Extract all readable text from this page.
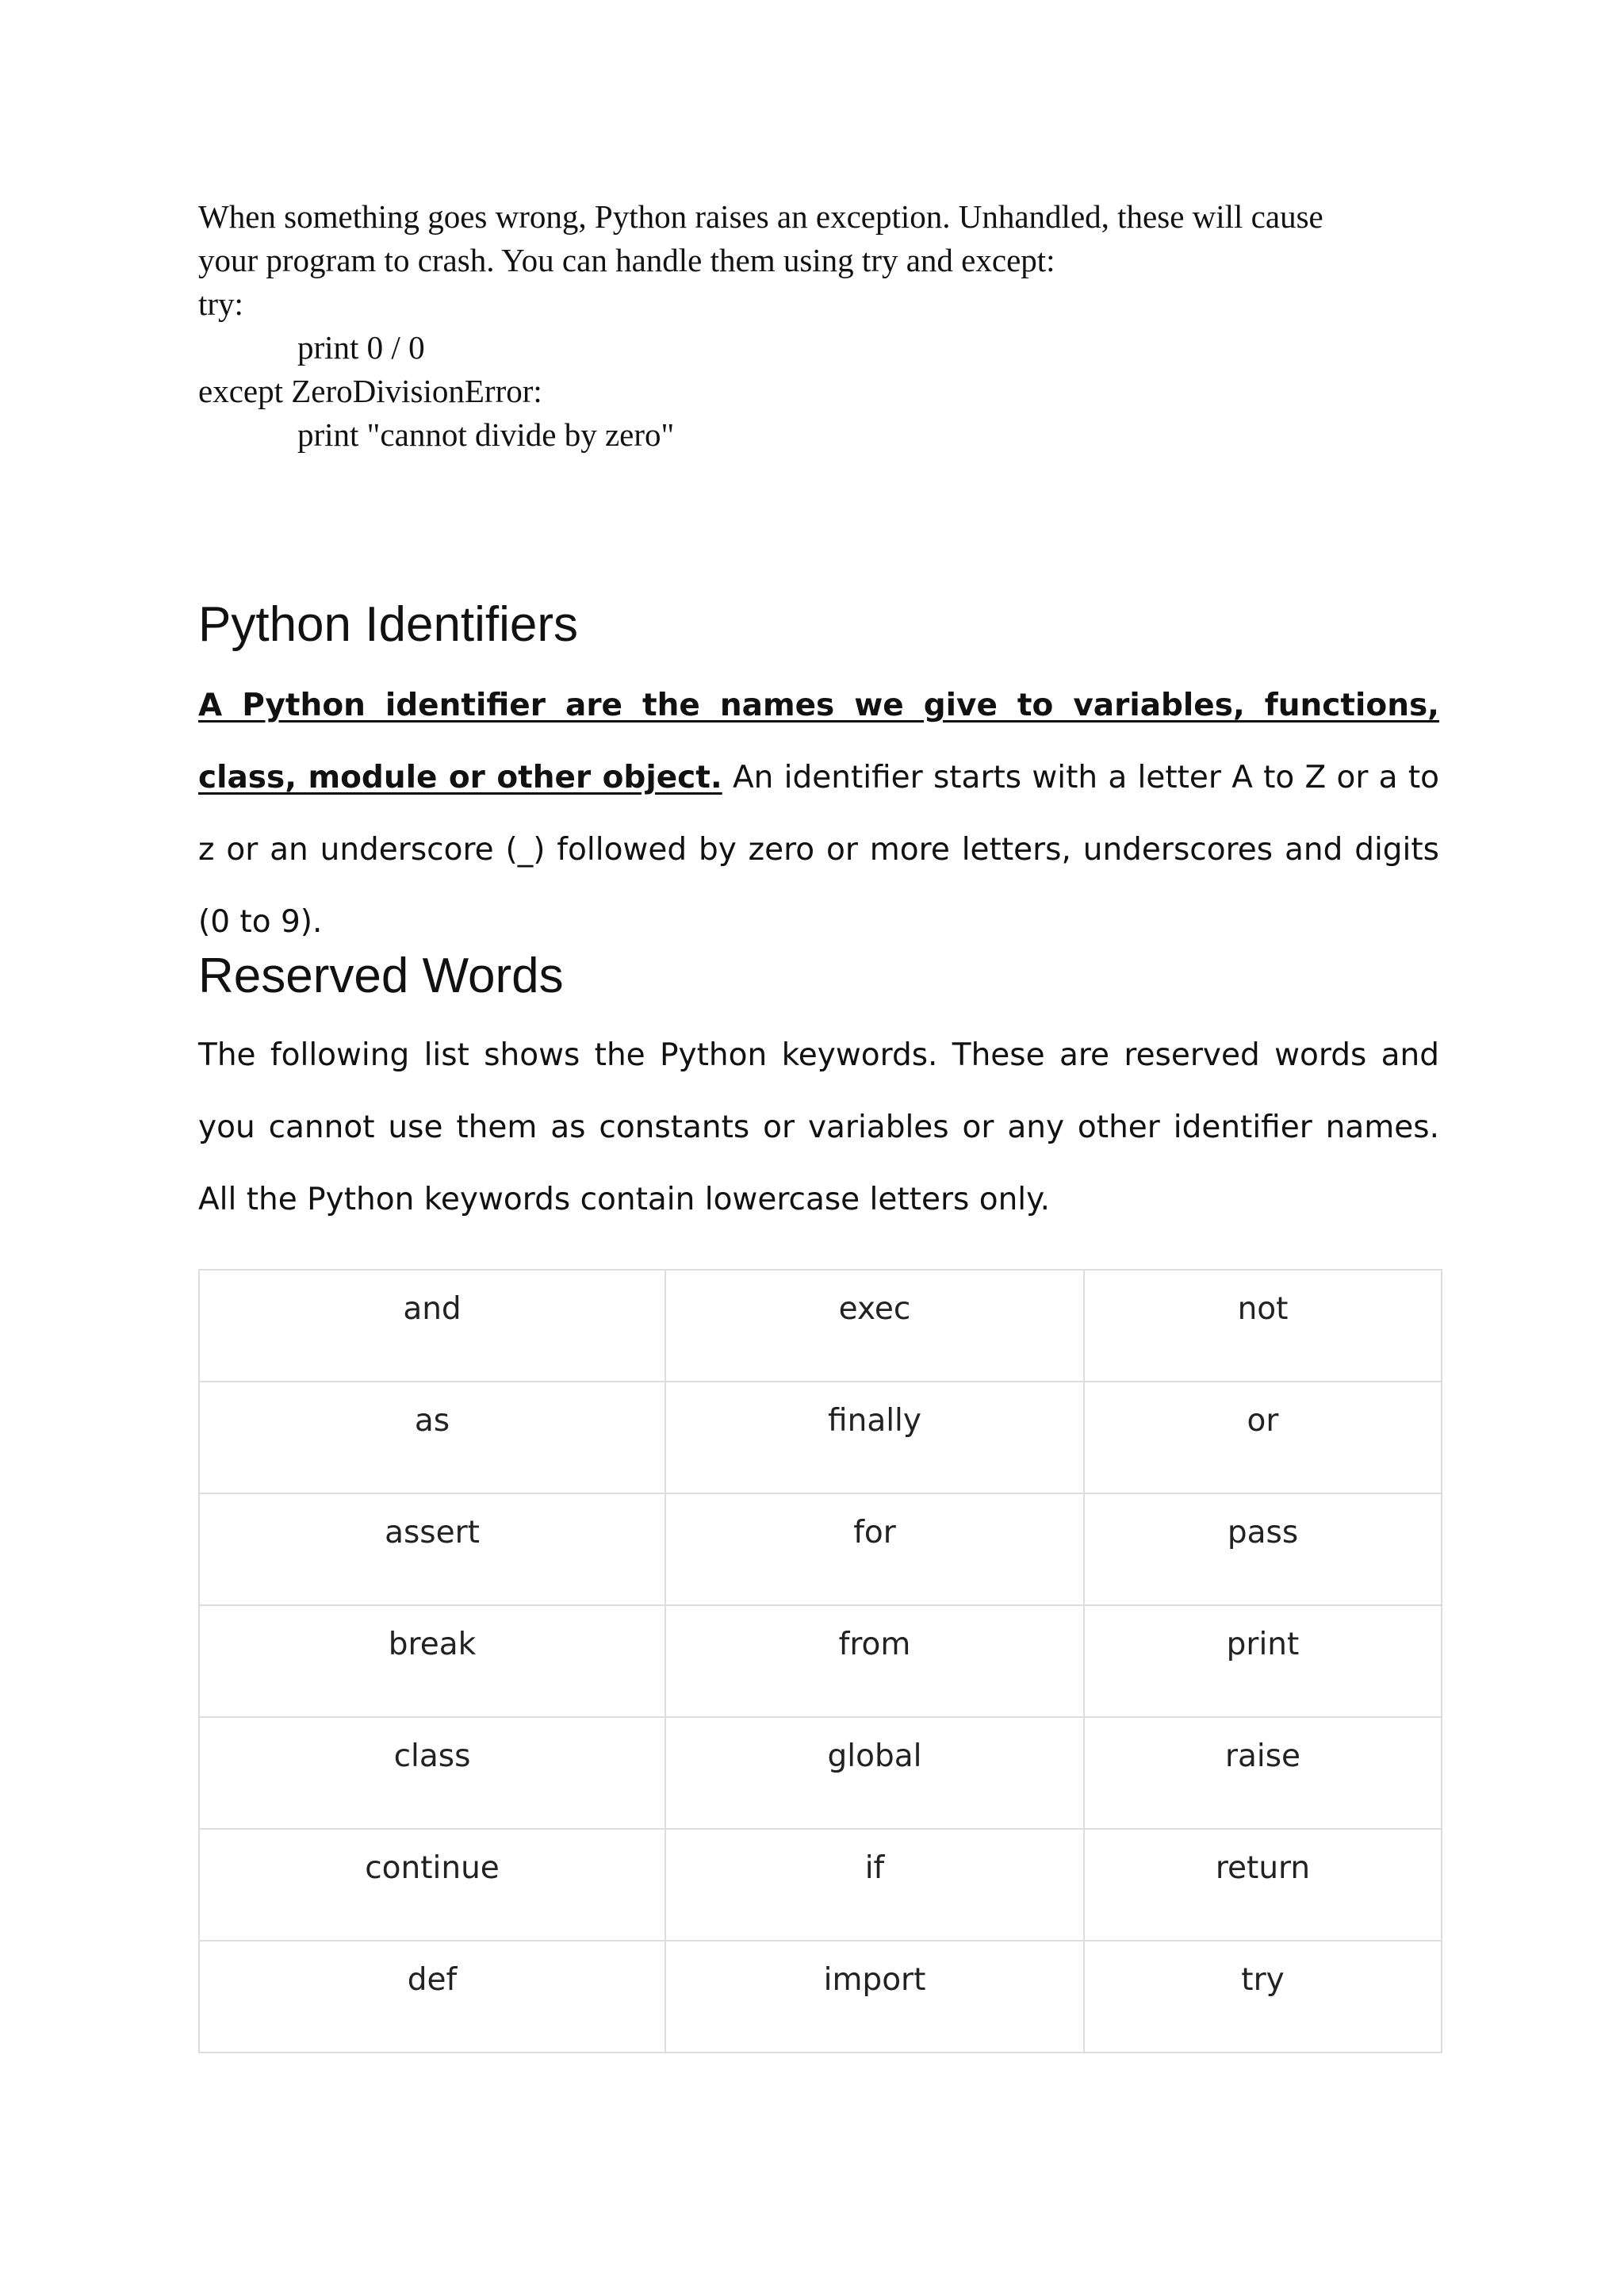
When something goes wrong, Python raises an exception. Unhandled, these will cause
your program to crash. You can handle them using try and except:
try:
print 0 / 0
except ZeroDivisionError:
print "cannot divide by zero"
Python Identifiers

A Python identifier are the names we give to variables, functions, class, module or other object. An identifier starts with a letter A to Z or a to z or an underscore (_) followed by zero or more letters, underscores and digits (0 to 9).

Reserved Words

The following list shows the Python keywords. These are reserved words and you cannot use them as constants or variables or any other identifier names. All the Python keywords contain lowercase letters only.

and	exec	not
as	finally	or
assert	for	pass
break	from	print
class	global	raise
continue	if	return
def	import	try
